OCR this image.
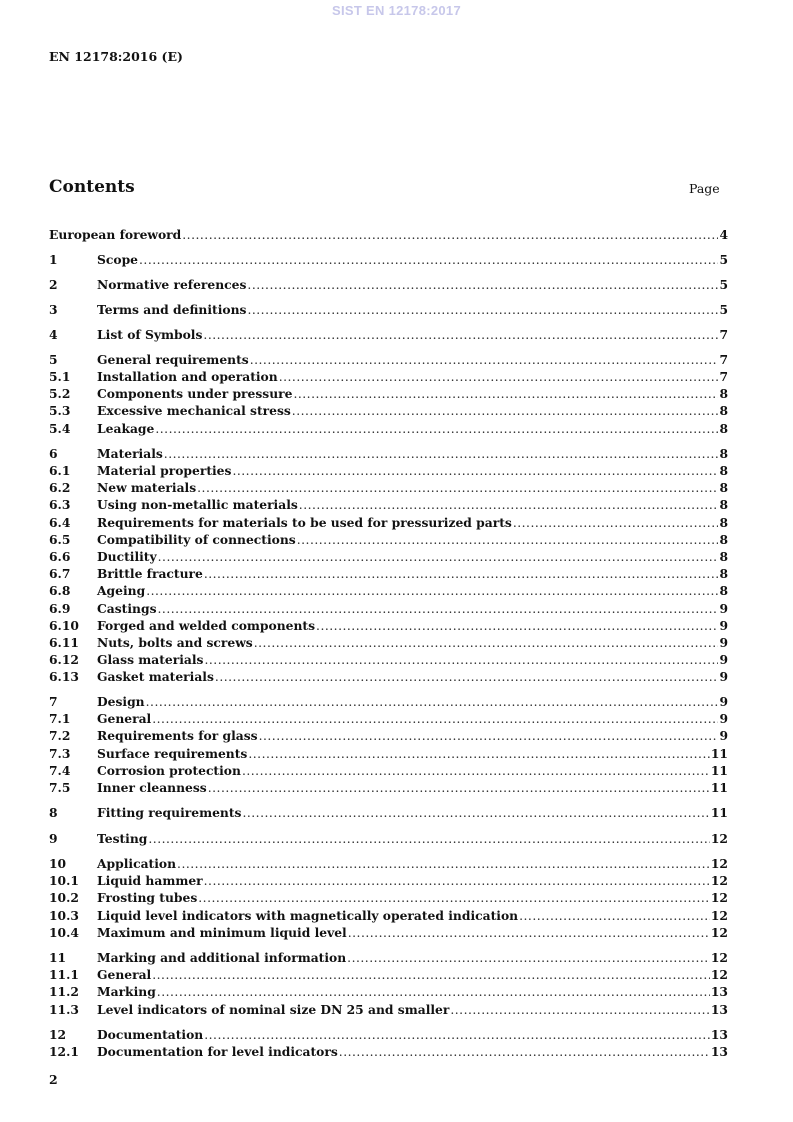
SIST EN 12178:2017
EN 12178:2016 (E)
Contents	Page
European foreword .....	4
1	Scope .....	5
2	Normative references .....	5
3	Terms and definitions .....	5
4	List of Symbols .....	7
5	General requirements .....	7
5.1	Installation and operation .....	7
5.2	Components under pressure .....	8
5.3	Excessive mechanical stress .....	8
5.4	Leakage .....	8
6	Materials .....	8
6.1	Material properties .....	8
6.2	New materials .....	8
6.3	Using non-metallic materials .....	8
6.4	Requirements for materials to be used for pressurized parts .....	8
6.5	Compatibility of connections .....	8
6.6	Ductility .....	8
6.7	Brittle fracture .....	8
6.8	Ageing .....	8
6.9	Castings .....	9
6.10	Forged and welded components .....	9
6.11	Nuts, bolts and screws .....	9
6.12	Glass materials .....	9
6.13	Gasket materials .....	9
7	Design .....	9
7.1	General .....	9
7.2	Requirements for glass .....	9
7.3	Surface requirements .....	11
7.4	Corrosion protection .....	11
7.5	Inner cleanness .....	11
8	Fitting requirements .....	11
9	Testing .....	12
10	Application .....	12
10.1	Liquid hammer .....	12
10.2	Frosting tubes .....	12
10.3	Liquid level indicators with magnetically operated indication .....	12
10.4	Maximum and minimum liquid level .....	12
11	Marking and additional information .....	12
11.1	General .....	12
11.2	Marking .....	13
11.3	Level indicators of nominal size DN 25 and smaller .....	13
12	Documentation .....	13
12.1	Documentation for level indicators .....	13
2
